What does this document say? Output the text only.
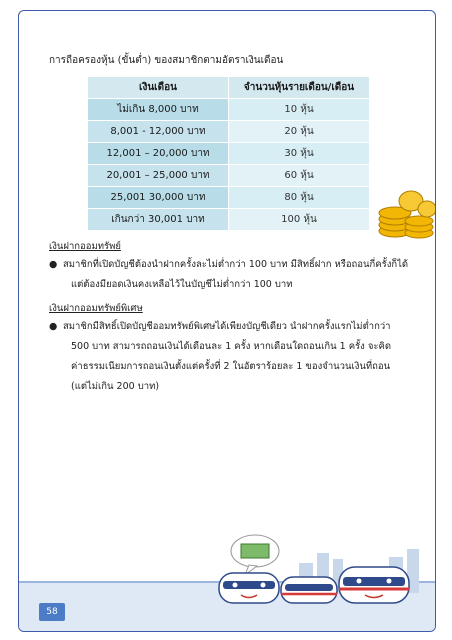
การถือครองหุ้น (ขั้นต่ำ) ของสมาชิกตามอัตราเงินเดือน
เงินเดือน	จำนวนหุ้นรายเดือน/เดือน
ไม่เกิน 8,000 บาท	10 หุ้น
8,001 - 12,000 บาท	20 หุ้น
12,001 – 20,000 บาท	30 หุ้น
20,001 – 25,000 บาท	60 หุ้น
25,001 30,000 บาท	80 หุ้น
เกินกว่า 30,001 บาท	100 หุ้น
เงินฝากออมทรัพย์
● สมาชิกที่เปิดบัญชีต้องนำฝากครั้งละไม่ต่ำกว่า 100 บาท มีสิทธิ์ฝาก หรือถอนกี่ครั้งก็ได้
แต่ต้องมียอดเงินคงเหลือไว้ในบัญชีไม่ต่ำกว่า 100 บาท
เงินฝากออมทรัพย์พิเศษ
● สมาชิกมีสิทธิ์เปิดบัญชีออมทรัพย์พิเศษได้เพียงบัญชีเดียว นำฝากครั้งแรกไม่ต่ำกว่า
500 บาท สามารถถอนเงินได้เดือนละ 1 ครั้ง หากเดือนใดถอนเกิน 1 ครั้ง จะคิด
ค่าธรรมเนียมการถอนเงินตั้งแต่ครั้งที่ 2 ในอัตราร้อยละ 1 ของจำนวนเงินที่ถอน
(แต่ไม่เกิน 200 บาท)
58
